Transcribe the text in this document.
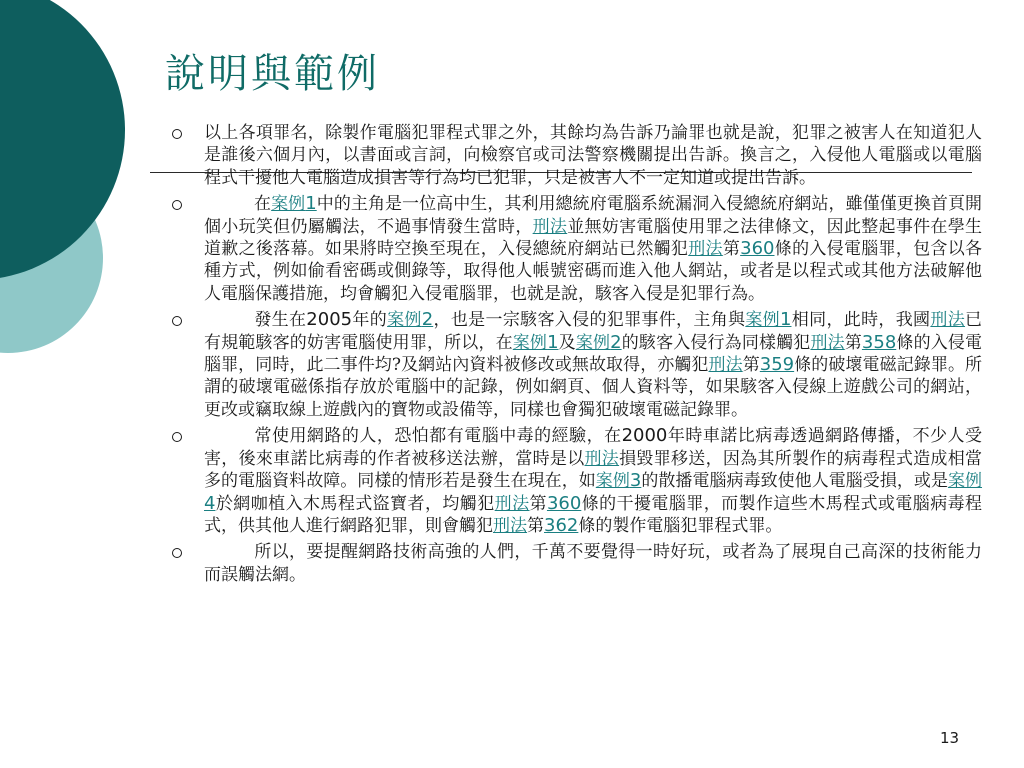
說明與範例
以上各項罪名，除製作電腦犯罪程式罪之外，其餘均為告訴乃論罪也就是說，犯罪之被害人在知道犯人是誰後六個月內，以書面或言詞，向檢察官或司法警察機關提出告訴。換言之，入侵他人電腦或以電腦程式干擾他人電腦造成損害等行為均已犯罪，只是被害人不一定知道或提出告訴。
在案例1中的主角是一位高中生，其利用總統府電腦系統漏洞入侵總統府網站，雖僅僅更換首頁開個小玩笑但仍屬觸法，不過事情發生當時，刑法並無妨害電腦使用罪之法律條文，因此整起事件在學生道歉之後落幕。如果將時空換至現在，入侵總統府網站已然觸犯刑法第360條的入侵電腦罪，包含以各種方式，例如偷看密碼或側錄等，取得他人帳號密碼而進入他人網站，或者是以程式或其他方法破解他人電腦保護措施，均會觸犯入侵電腦罪，也就是說，駭客入侵是犯罪行為。
發生在2005年的案例2，也是一宗駭客入侵的犯罪事件，主角與案例1相同，此時，我國刑法已有規範駭客的妨害電腦使用罪，所以，在案例1及案例2的駭客入侵行為同樣觸犯刑法第358條的入侵電腦罪，同時，此二事件均?及網站內資料被修改或無故取得，亦觸犯刑法第359條的破壞電磁記錄罪。所謂的破壞電磁係指存放於電腦中的記錄，例如網頁、個人資料等，如果駭客入侵線上遊戲公司的網站，更改或竊取線上遊戲內的寶物或設備等，同樣也會獨犯破壞電磁記錄罪。
常使用網路的人，恐怕都有電腦中毒的經驗，在2000年時車諾比病毒透過網路傳播，不少人受害，後來車諾比病毒的作者被移送法辦，當時是以刑法損毀罪移送，因為其所製作的病毒程式造成相當多的電腦資料故障。同樣的情形若是發生在現在，如案例3的散播電腦病毒致使他人電腦受損，或是案例4於網咖植入木馬程式盜寶者，均觸犯刑法第360條的干擾電腦罪，而製作這些木馬程式或電腦病毒程式，供其他人進行網路犯罪，則會觸犯刑法第362條的製作電腦犯罪程式罪。
所以，要提醒網路技術高強的人們，千萬不要覺得一時好玩，或者為了展現自己高深的技術能力而誤觸法網。
13
